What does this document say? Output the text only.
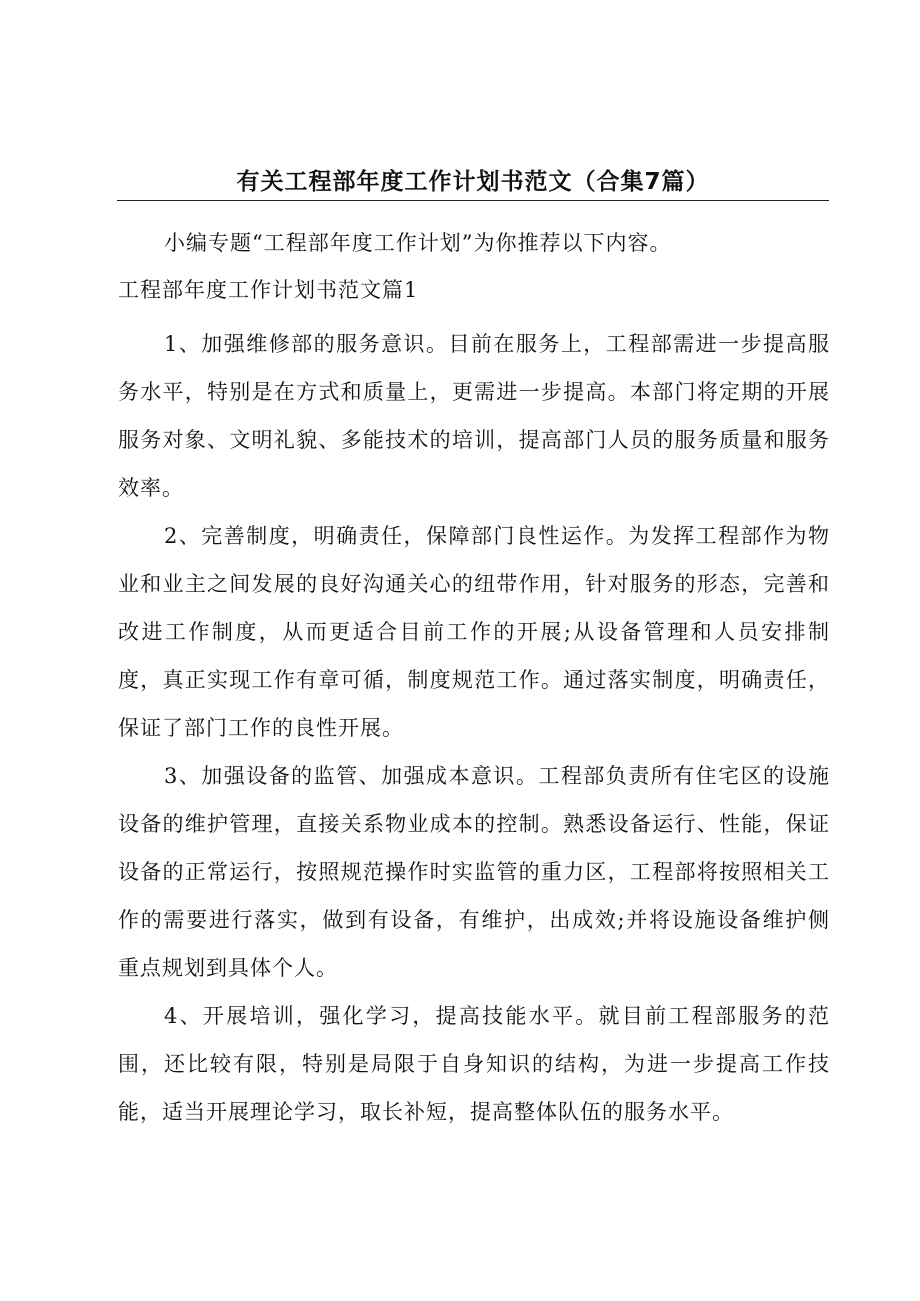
有关工程部年度工作计划书范文（合集7篇）
小编专题“工程部年度工作计划”为你推荐以下内容。
工程部年度工作计划书范文篇1
1、加强维修部的服务意识。目前在服务上，工程部需进一步提高服务水平，特别是在方式和质量上，更需进一步提高。本部门将定期的开展服务对象、文明礼貌、多能技术的培训，提高部门人员的服务质量和服务效率。
2、完善制度，明确责任，保障部门良性运作。为发挥工程部作为物业和业主之间发展的良好沟通关心的纽带作用，针对服务的形态，完善和改进工作制度，从而更适合目前工作的开展;从设备管理和人员安排制度，真正实现工作有章可循，制度规范工作。通过落实制度，明确责任，保证了部门工作的良性开展。
3、加强设备的监管、加强成本意识。工程部负责所有住宅区的设施设备的维护管理，直接关系物业成本的控制。熟悉设备运行、性能，保证设备的正常运行，按照规范操作时实监管的重力区，工程部将按照相关工作的需要进行落实，做到有设备，有维护，出成效;并将设施设备维护侧重点规划到具体个人。
4、开展培训，强化学习，提高技能水平。就目前工程部服务的范围，还比较有限，特别是局限于自身知识的结构，为进一步提高工作技能，适当开展理论学习，取长补短，提高整体队伍的服务水平。
